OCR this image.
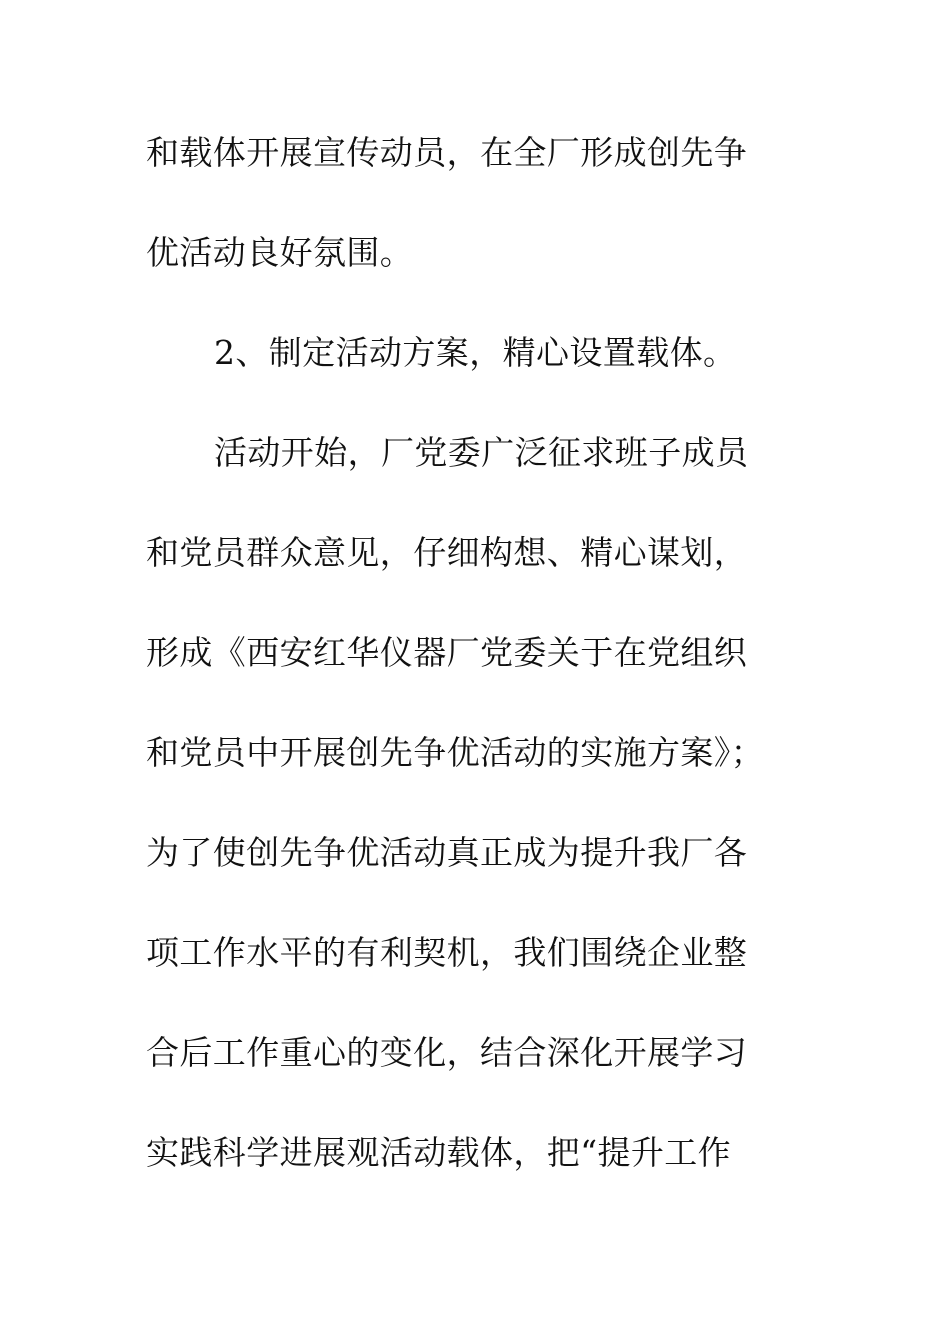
和载体开展宣传动员，在全厂形成创先争
优活动良好氛围。
2、制定活动方案，精心设置载体。
活动开始，厂党委广泛征求班子成员
和党员群众意见，仔细构想、精心谋划，
形成《西安红华仪器厂党委关于在党组织
和党员中开展创先争优活动的实施方案》；
为了使创先争优活动真正成为提升我厂各
项工作水平的有利契机，我们围绕企业整
合后工作重心的变化，结合深化开展学习
实践科学进展观活动载体，把“提升工作
